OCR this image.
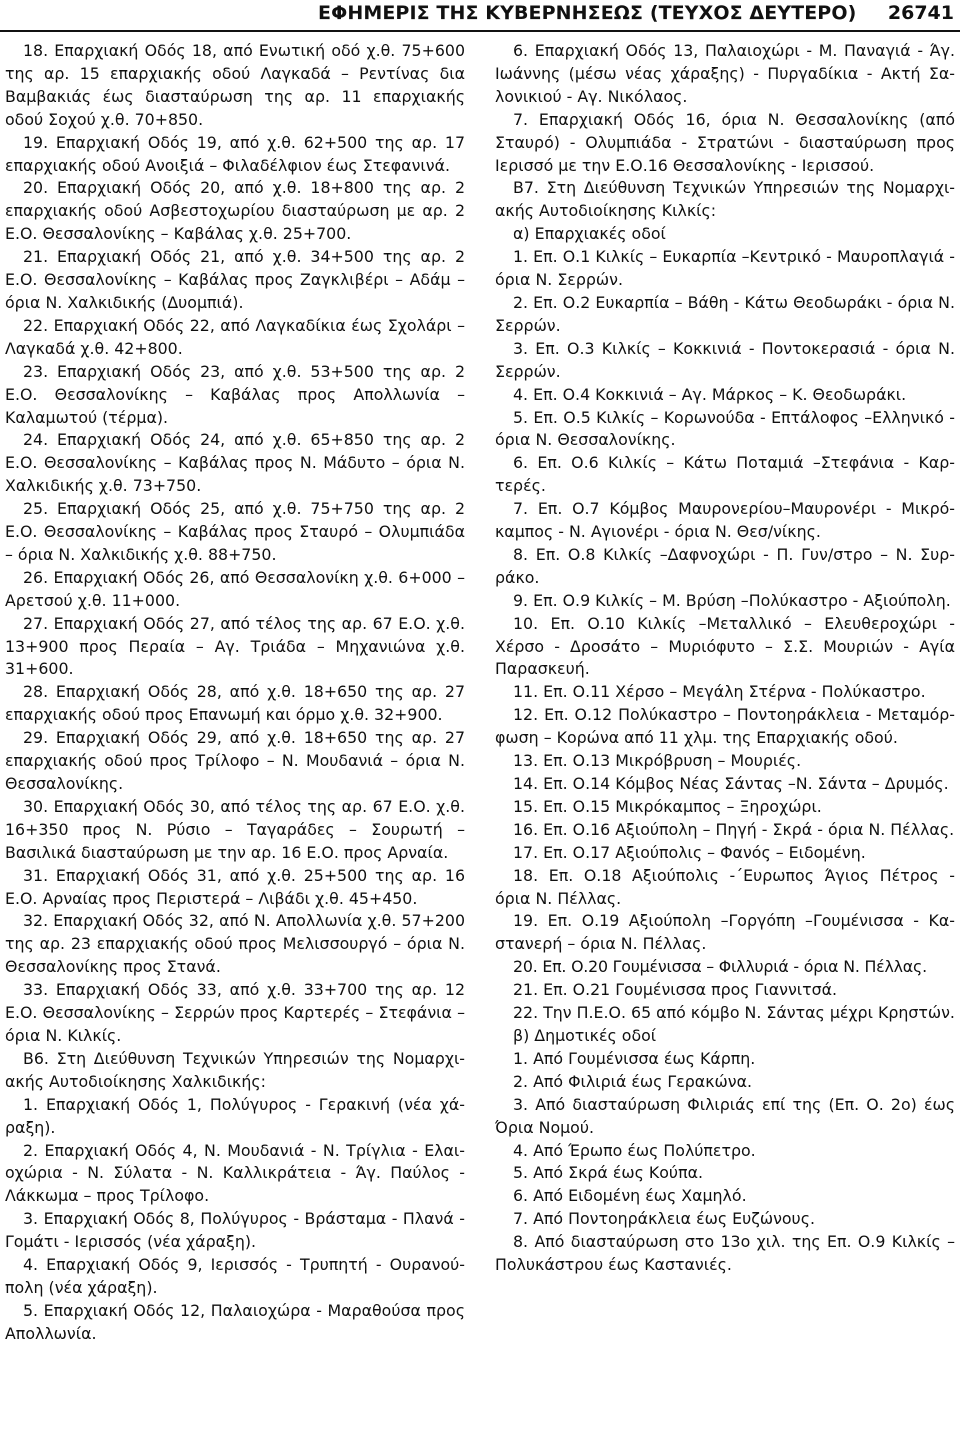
ΕΦΗΜΕΡΙΣ ΤΗΣ ΚΥΒΕΡΝΗΣΕΩΣ (ΤΕΥΧΟΣ ΔΕΥΤΕΡΟ) 26741

18. Επαρχιακή Οδός 18, από Ενωτική οδό χ.θ. 75+600 της αρ. 15 επαρχιακής οδού Λαγκαδά – Ρεντίνας δια Βαμβακιάς έως διασταύρωση της αρ. 11 επαρχιακής οδού Σοχού χ.θ. 70+850.

19. Επαρχιακή Οδός 19, από χ.θ. 62+500 της αρ. 17 επαρχιακής οδού Ανοιξιά – Φιλαδέλφιον έως Στεφανινά.

20. Επαρχιακή Οδός 20, από χ.θ. 18+800 της αρ. 2 επαρχιακής οδού Ασβεστοχωρίου διασταύρωση με αρ. 2 Ε.Ο. Θεσσαλονίκης – Καβάλας χ.θ. 25+700.

21. Επαρχιακή Οδός 21, από χ.θ. 34+500 της αρ. 2 Ε.Ο. Θεσσαλονίκης – Καβάλας προς Ζαγκλιβέρι – Αδάμ – όρια Ν. Χαλκιδικής (Δυομπιά).

22. Επαρχιακή Οδός 22, από Λαγκαδίκια έως Σχολάρι – Λαγκαδά χ.θ. 42+800.

23. Επαρχιακή Οδός 23, από χ.θ. 53+500 της αρ. 2 Ε.Ο. Θεσσαλονίκης – Καβάλας προς Απολλωνία – Καλαμωτού (τέρμα).

24. Επαρχιακή Οδός 24, από χ.θ. 65+850 της αρ. 2 Ε.Ο. Θεσσαλονίκης – Καβάλας προς Ν. Μάδυτο – όρια Ν. Χαλκιδικής χ.θ. 73+750.

25. Επαρχιακή Οδός 25, από χ.θ. 75+750 της αρ. 2 Ε.Ο. Θεσσαλονίκης – Καβάλας προς Σταυρό – Ολυμπιάδα – όρια Ν. Χαλκιδικής χ.θ. 88+750.

26. Επαρχιακή Οδός 26, από Θεσσαλονίκη χ.θ. 6+000 – Αρετσού χ.θ. 11+000.

27. Επαρχιακή Οδός 27, από τέλος της αρ. 67 Ε.Ο. χ.θ. 13+900 προς Περαία – Αγ. Τριάδα – Μηχανιώνα χ.θ. 31+600.

28. Επαρχιακή Οδός 28, από χ.θ. 18+650 της αρ. 27 επαρχιακής οδού προς Επανωμή και όρμο χ.θ. 32+900.

29. Επαρχιακή Οδός 29, από χ.θ. 18+650 της αρ. 27 επαρχιακής οδού προς Τρίλοφο – Ν. Μουδανιά – όρια Ν. Θεσσαλονίκης.

30. Επαρχιακή Οδός 30, από τέλος της αρ. 67 Ε.Ο. χ.θ. 16+350 προς Ν. Ρύσιο – Ταγαράδες – Σουρωτή – Βασιλικά διασταύρωση με την αρ. 16 Ε.Ο. προς Αρναία.

31. Επαρχιακή Οδός 31, από χ.θ. 25+500 της αρ. 16 Ε.Ο. Αρναίας προς Περιστερά – Λιβάδι χ.θ. 45+450.

32. Επαρχιακή Οδός 32, από Ν. Απολλωνία χ.θ. 57+200 της αρ. 23 επαρχιακής οδού προς Μελισσουργό – όρια Ν. Θεσσαλονίκης προς Στανά.

33. Επαρχιακή Οδός 33, από χ.θ. 33+700 της αρ. 12 Ε.Ο. Θεσσαλονίκης – Σερρών προς Καρτερές – Στεφάνια – όρια Ν. Κιλκίς.

Β6. Στη Διεύθυνση Τεχνικών Υπηρεσιών της Νομαρχιακής Αυτοδιοίκησης Χαλκιδικής:

1. Επαρχιακή Οδός 1, Πολύγυρος - Γερακινή (νέα χάραξη).

2. Επαρχιακή Οδός 4, Ν. Μουδανιά - Ν. Τρίγλια - Ελαιοχώρια - Ν. Σύλατα - Ν. Καλλικράτεια - Άγ. Παύλος - Λάκκωμα – προς Τρίλοφο.

3. Επαρχιακή Οδός 8, Πολύγυρος - Βράσταμα - Πλανά - Γομάτι - Ιερισσός (νέα χάραξη).

4. Επαρχιακή Οδός 9, Ιερισσός - Τρυπητή - Ουρανούπολη (νέα χάραξη).

5. Επαρχιακή Οδός 12, Παλαιοχώρα - Μαραθούσα προς Απολλωνία.

6. Επαρχιακή Οδός 13, Παλαιοχώρι - Μ. Παναγιά - Άγ. Ιωάννης (μέσω νέας χάραξης) - Πυργαδίκια - Ακτή Σαλονικιού - Αγ. Νικόλαος.

7. Επαρχιακή Οδός 16, όρια Ν. Θεσσαλονίκης (από Σταυρό) - Ολυμπιάδα - Στρατώνι - διασταύρωση προς Ιερισσό με την Ε.Ο.16 Θεσσαλονίκης - Ιερισσού.

Β7. Στη Διεύθυνση Τεχνικών Υπηρεσιών της Νομαρχιακής Αυτοδιοίκησης Κιλκίς:

α) Επαρχιακές οδοί

1. Επ. Ο.1 Κιλκίς – Ευκαρπία –Κεντρικό - Μαυροπλαγιά - όρια Ν. Σερρών.

2. Επ. Ο.2 Ευκαρπία – Βάθη - Κάτω Θεοδωράκι - όρια Ν. Σερρών.

3. Επ. Ο.3 Κιλκίς – Κοκκινιά - Ποντοκερασιά - όρια Ν. Σερρών.

4. Επ. Ο.4 Κοκκινιά – Αγ. Μάρκος – Κ. Θεοδωράκι.

5. Επ. Ο.5 Κιλκίς – Κορωνούδα - Επτάλοφος –Ελληνικό - όρια Ν. Θεσσαλονίκης.

6. Επ. Ο.6 Κιλκίς – Κάτω Ποταμιά –Στεφάνια - Καρτερές.

7. Επ. Ο.7 Κόμβος Μαυρονερίου–Μαυρονέρι - Μικρόκαμπος - Ν. Αγιονέρι - όρια Ν. Θεσ/νίκης.

8. Επ. Ο.8 Κιλκίς –Δαφνοχώρι - Π. Γυν/στρο – Ν. Συρράκο.

9. Επ. Ο.9 Κιλκίς – Μ. Βρύση –Πολύκαστρο - Αξιούπολη.

10. Επ. Ο.10 Κιλκίς –Μεταλλικό – Ελευθεροχώρι - Χέρσο - Δροσάτο – Μυριόφυτο – Σ.Σ. Μουριών - Αγία Παρασκευή.

11. Επ. Ο.11 Χέρσο – Μεγάλη Στέρνα - Πολύκαστρο.

12. Επ. Ο.12 Πολύκαστρο – Ποντοηράκλεια - Μεταμόρφωση – Κορώνα από 11 χλμ. της Επαρχιακής οδού.

13. Επ. Ο.13 Μικρόβρυση – Μουριές.

14. Επ. Ο.14 Κόμβος Νέας Σάντας –Ν. Σάντα – Δρυμός.

15. Επ. Ο.15 Μικρόκαμπος – Ξηροχώρι.

16. Επ. Ο.16 Αξιούπολη – Πηγή - Σκρά - όρια Ν. Πέλλας.

17. Επ. Ο.17 Αξιούπολις – Φανός – Ειδομένη.

18. Επ. Ο.18 Αξιούπολις -΄Ευρωπος Άγιος Πέτρος - όρια Ν. Πέλλας.

19. Επ. Ο.19 Αξιούπολη –Γοργόπη –Γουμένισσα - Καστανερή – όρια Ν. Πέλλας.

20. Επ. Ο.20 Γουμένισσα – Φιλλυριά - όρια Ν. Πέλλας.

21. Επ. Ο.21 Γουμένισσα προς Γιαννιτσά.

22. Την Π.Ε.Ο. 65 από κόμβο Ν. Σάντας μέχρι Κρηστών.

β) Δημοτικές οδοί

1. Από Γουμένισσα έως Κάρπη.

2. Από Φιλιριά έως Γερακώνα.

3. Από διασταύρωση Φιλιριάς επί της (Επ. Ο. 2ο) έως Όρια Νομού.

4. Από Έρωπο έως Πολύπετρο.

5. Από Σκρά έως Κούπα.

6. Από Ειδομένη έως Χαμηλό.

7. Από Ποντοηράκλεια έως Ευζώνους.

8. Από διασταύρωση στο 13ο χιλ. της Επ. Ο.9 Κιλκίς – Πολυκάστρου έως Καστανιές.
